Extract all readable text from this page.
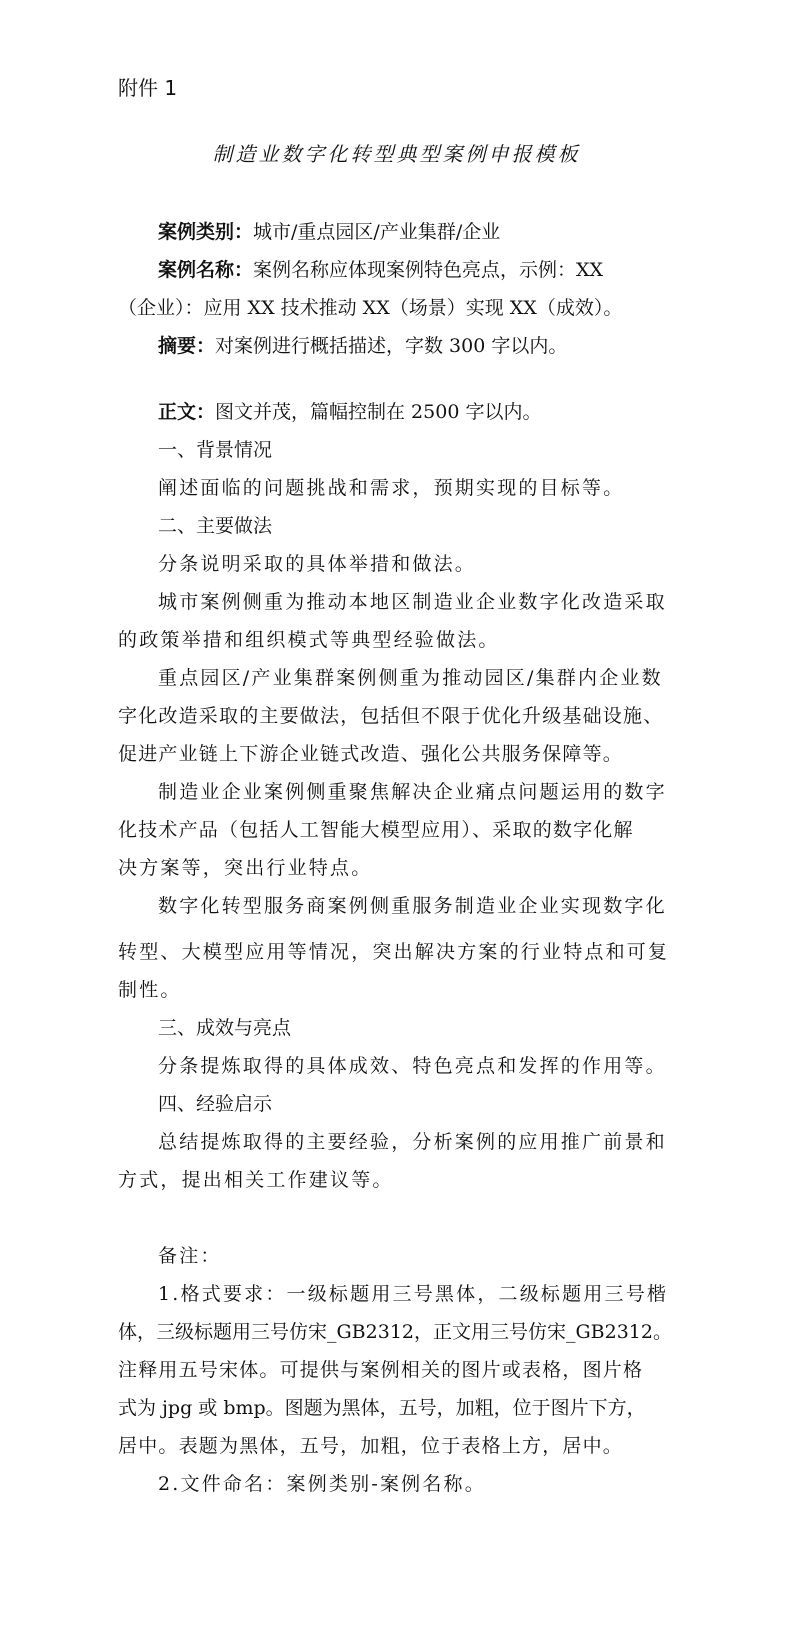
附件 1
制造业数字化转型典型案例申报模板
案例类别：城市/重点园区/产业集群/企业
案例名称：案例名称应体现案例特色亮点，示例：XX
（企业）：应用 XX 技术推动 XX（场景）实现 XX（成效）。
摘要：对案例进行概括描述，字数 300 字以内。
正文：图文并茂，篇幅控制在 2500 字以内。
一、背景情况
阐述面临的问题挑战和需求，预期实现的目标等。
二、主要做法
分条说明采取的具体举措和做法。
城市案例侧重为推动本地区制造业企业数字化改造采取
的政策举措和组织模式等典型经验做法。
重点园区/产业集群案例侧重为推动园区/集群内企业数
字化改造采取的主要做法，包括但不限于优化升级基础设施、
促进产业链上下游企业链式改造、强化公共服务保障等。
制造业企业案例侧重聚焦解决企业痛点问题运用的数字
化技术产品（包括人工智能大模型应用）、采取的数字化解
决方案等，突出行业特点。
数字化转型服务商案例侧重服务制造业企业实现数字化
转型、大模型应用等情况，突出解决方案的行业特点和可复
制性。
三、成效与亮点
分条提炼取得的具体成效、特色亮点和发挥的作用等。
四、经验启示
总结提炼取得的主要经验，分析案例的应用推广前景和
方式，提出相关工作建议等。
备注：
1.格式要求：一级标题用三号黑体，二级标题用三号楷
体，三级标题用三号仿宋_GB2312，正文用三号仿宋_GB2312。
注释用五号宋体。可提供与案例相关的图片或表格，图片格
式为 jpg 或 bmp。图题为黑体，五号，加粗，位于图片下方，
居中。表题为黑体，五号，加粗，位于表格上方，居中。
2.文件命名：案例类别-案例名称。
